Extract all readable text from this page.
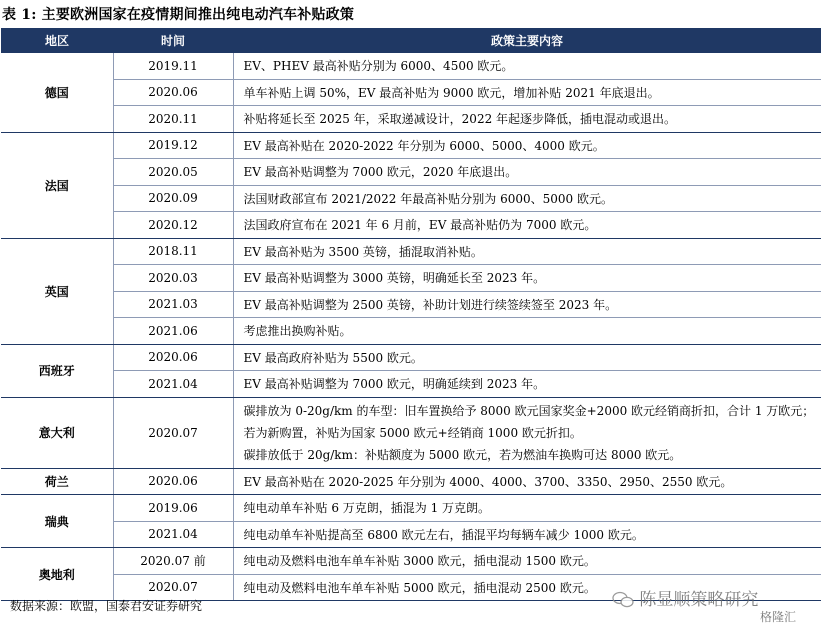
表 1: 主要欧洲国家在疫情期间推出纯电动汽车补贴政策
地区	时间	政策主要内容
德国	2019.11	EV、PHEV 最高补贴分别为 6000、4500 欧元。
	2020.06	单车补贴上调 50%，EV 最高补贴为 9000 欧元，增加补贴 2021 年底退出。
	2020.11	补贴将延长至 2025 年，采取递减设计，2022 年起逐步降低，插电混动或退出。
法国	2019.12	EV 最高补贴在 2020-2022 年分别为 6000、5000、4000 欧元。
	2020.05	EV 最高补贴调整为 7000 欧元，2020 年底退出。
	2020.09	法国财政部宣布 2021/2022 年最高补贴分别为 6000、5000 欧元。
	2020.12	法国政府宣布在 2021 年 6 月前，EV 最高补贴仍为 7000 欧元。
英国	2018.11	EV 最高补贴为 3500 英镑，插混取消补贴。
	2020.03	EV 最高补贴调整为 3000 英镑，明确延长至 2023 年。
	2021.03	EV 最高补贴调整为 2500 英镑，补助计划进行续签续签至 2023 年。
	2021.06	考虑推出换购补贴。
西班牙	2020.06	EV 最高政府补贴为 5500 欧元。
	2021.04	EV 最高补贴调整为 7000 欧元，明确延续到 2023 年。
意大利	2020.07	碳排放为 0-20g/km 的车型：旧车置换给予 8000 欧元国家奖金+2000 欧元经销商折扣，合计 1 万欧元；若为新购置，补贴为国家 5000 欧元+经销商 1000 欧元折扣。

碳排放低于 20g/km：补贴额度为 5000 欧元，若为燃油车换购可达 8000 欧元。

荷兰	2020.06	EV 最高补贴在 2020-2025 年分别为 4000、4000、3700、3350、2950、2550 欧元。
瑞典	2019.06	纯电动单车补贴 6 万克朗，插混为 1 万克朗。
	2021.04	纯电动单车补贴提高至 6800 欧元左右，插混平均每辆车减少 1000 欧元。
奥地利	2020.07 前	纯电动及燃料电池车单车补贴 3000 欧元，插电混动 1500 欧元。
	2020.07	纯电动及燃料电池车单车补贴 5000 欧元，插电混动 2500 欧元。
数据来源：欧盟，国泰君安证券研究	陈显顺策略研究
格隆汇
